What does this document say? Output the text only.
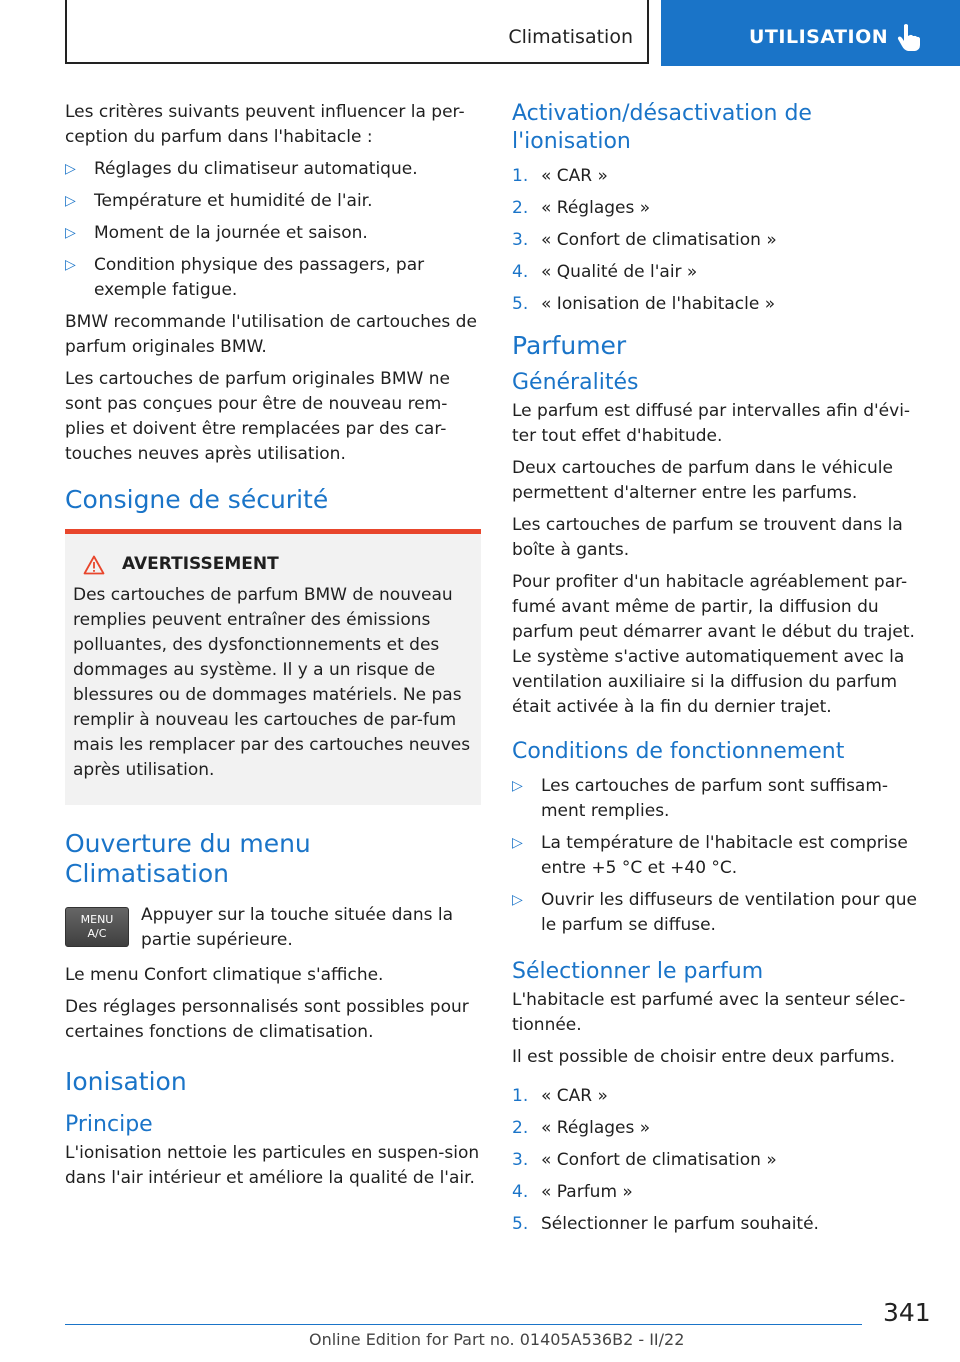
Climatisation	UTILISATION

Les critères suivants peuvent influencer la per-ception du parfum dans l'habitacle :

▷ Réglages du climatiseur automatique.
▷ Température et humidité de l'air.
▷ Moment de la journée et saison.
▷ Condition physique des passagers, par exemple fatigue.

BMW recommande l'utilisation de cartouches de parfum originales BMW.

Les cartouches de parfum originales BMW ne sont pas conçues pour être de nouveau rem-plies et doivent être remplacées par des car-touches neuves après utilisation.

Consigne de sécurité
AVERTISSEMENT

Des cartouches de parfum BMW de nouveau remplies peuvent entraîner des émissions polluantes, des dysfonctionnements et des dommages au système. Il y a un risque de blessures ou de dommages matériels. Ne pas remplir à nouveau les cartouches de par-fum mais les remplacer par des cartouches neuves après utilisation.

Ouverture du menu Climatisation
MENU
A/C

Appuyer sur la touche située dans la partie supérieure.

Le menu Confort climatique s'affiche.

Des réglages personnalisés sont possibles pour certaines fonctions de climatisation.

Ionisation
Principe

L'ionisation nettoie les particules en suspen-sion dans l'air intérieur et améliore la qualité de l'air.

Activation/désactivation de l'ionisation
1. « CAR »
2. « Réglages »
3. « Confort de climatisation »
4. « Qualité de l'air »
5. « Ionisation de l'habitacle »
Parfumer
Généralités

Le parfum est diffusé par intervalles afin d'évi-ter tout effet d'habitude.

Deux cartouches de parfum dans le véhicule permettent d'alterner entre les parfums.

Les cartouches de parfum se trouvent dans la boîte à gants.

Pour profiter d'un habitacle agréablement par-fumé avant même de partir, la diffusion du parfum peut démarrer avant le début du trajet. Le système s'active automatiquement avec la ventilation auxiliaire si la diffusion du parfum était activée à la fin du dernier trajet.

Conditions de fonctionnement
▷ Les cartouches de parfum sont suffisam-ment remplies.
▷ La température de l'habitacle est comprise entre +5 °C et +40 °C.
▷ Ouvrir les diffuseurs de ventilation pour que le parfum se diffuse.
Sélectionner le parfum

L'habitacle est parfumé avec la senteur sélec-tionnée.

Il est possible de choisir entre deux parfums.

1. « CAR »
2. « Réglages »
3. « Confort de climatisation »
4. « Parfum »
5. Sélectionner le parfum souhaité.
341
Online Edition for Part no. 01405A536B2 - II/22
